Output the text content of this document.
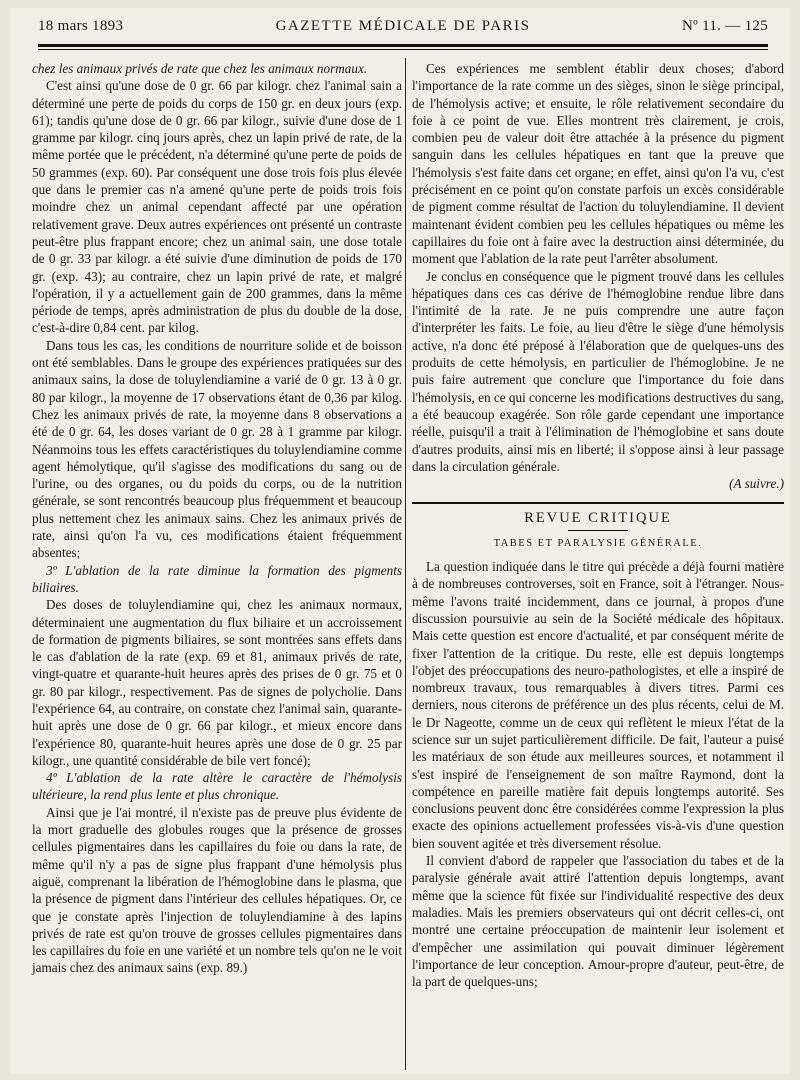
18 mars 1893	GAZETTE MÉDICALE DE PARIS	Nº 11. — 125

chez les animaux privés de rate que chez les animaux normaux.

C'est ainsi qu'une dose de 0 gr. 66 par kilogr. chez l'animal sain a déterminé une perte de poids du corps de 150 gr. en deux jours (exp. 61); tandis qu'une dose de 0 gr. 66 par kilogr., suivie d'une dose de 1 gramme par kilogr. cinq jours après, chez un lapin privé de rate, de la même portée que le précédent, n'a déterminé qu'une perte de poids de 50 grammes (exp. 60). Par conséquent une dose trois fois plus élevée que dans le premier cas n'a amené qu'une perte de poids trois fois moindre chez un animal cependant affecté par une opération relativement grave. Deux autres expériences ont présenté un contraste peut-être plus frappant encore; chez un animal sain, une dose totale de 0 gr. 33 par kilogr. a été suivie d'une diminution de poids de 170 gr. (exp. 43); au contraire, chez un lapin privé de rate, et malgré l'opération, il y a actuellement gain de 200 grammes, dans la même période de temps, après administration de plus du double de la dose, c'est-à-dire 0,84 cent. par kilog.

Dans tous les cas, les conditions de nourriture solide et de boisson ont été semblables. Dans le groupe des expériences pratiquées sur des animaux sains, la dose de toluylendiamine a varié de 0 gr. 13 à 0 gr. 80 par kilogr., la moyenne de 17 observations étant de 0,36 par kilog. Chez les animaux privés de rate, la moyenne dans 8 observations a été de 0 gr. 64, les doses variant de 0 gr. 28 à 1 gramme par kilogr. Néanmoins tous les effets caractéristiques du toluylendiamine comme agent hémolytique, qu'il s'agisse des modifications du sang ou de l'urine, ou des organes, ou du poids du corps, ou de la nutrition générale, se sont rencontrés beaucoup plus fréquemment et beaucoup plus nettement chez les animaux sains. Chez les animaux privés de rate, ainsi qu'on l'a vu, ces modifications étaient fréquemment absentes;

3º L'ablation de la rate diminue la formation des pigments biliaires.

Des doses de toluylendiamine qui, chez les animaux normaux, déterminaient une augmentation du flux biliaire et un accroissement de formation de pigments biliaires, se sont montrées sans effets dans le cas d'ablation de la rate (exp. 69 et 81, animaux privés de rate, vingt-quatre et quarante-huit heures après des prises de 0 gr. 75 et 0 gr. 80 par kilogr., respectivement. Pas de signes de polycholie. Dans l'expérience 64, au contraire, on constate chez l'animal sain, quarante-huit après une dose de 0 gr. 66 par kilogr., et mieux encore dans l'expérience 80, quarante-huit heures après une dose de 0 gr. 25 par kilogr., une quantité considérable de bile vert foncé);

4º L'ablation de la rate altère le caractère de l'hémolysis ultérieure, la rend plus lente et plus chronique.

Ainsi que je l'ai montré, il n'existe pas de preuve plus évidente de la mort graduelle des globules rouges que la présence de grosses cellules pigmentaires dans les capillaires du foie ou dans la rate, de même qu'il n'y a pas de signe plus frappant d'une hémolysis plus aiguë, comprenant la libération de l'hémoglobine dans le plasma, que la présence de pigment dans l'intérieur des cellules hépatiques. Or, ce que je constate après l'injection de toluylendiamine à des lapins privés de rate est qu'on trouve de grosses cellules pigmentaires dans les capillaires du foie en une variété et un nombre tels qu'on ne le voit jamais chez des animaux sains (exp. 89.)

Ces expériences me semblent établir deux choses; d'abord l'importance de la rate comme un des sièges, sinon le siège principal, de l'hémolysis active; et ensuite, le rôle relativement secondaire du foie à ce point de vue. Elles montrent très clairement, je crois, combien peu de valeur doit être attachée à la présence du pigment sanguin dans les cellules hépatiques en tant que la preuve que l'hémolysis s'est faite dans cet organe; en effet, ainsi qu'on l'a vu, c'est précisément en ce point qu'on constate parfois un excès considérable de pigment comme résultat de l'action du toluylendiamine. Il devient maintenant évident combien peu les cellules hépatiques ou même les capillaires du foie ont à faire avec la destruction ainsi déterminée, du moment que l'ablation de la rate peut l'arrêter absolument.

Je conclus en conséquence que le pigment trouvé dans les cellules hépatiques dans ces cas dérive de l'hémoglobine rendue libre dans l'intimité de la rate. Je ne puis comprendre une autre façon d'interpréter les faits. Le foie, au lieu d'être le siège d'une hémolysis active, n'a donc été préposé à l'élaboration que de quelques-uns des produits de cette hémolysis, en particulier de l'hémoglobine. Je ne puis faire autrement que conclure que l'importance du foie dans l'hémolysis, en ce qui concerne les modifications destructives du sang, a été beaucoup exagérée. Son rôle garde cependant une importance réelle, puisqu'il a trait à l'élimination de l'hémoglobine et sans doute d'autres produits, ainsi mis en liberté; il s'oppose ainsi à leur passage dans la circulation générale.

(A suivre.)

REVUE CRITIQUE
TABES ET PARALYSIE GÉNÉRALE.

La question indiquée dans le titre qui précède a déjà fourni matière à de nombreuses controverses, soit en France, soit à l'étranger. Nous-même l'avons traité incidemment, dans ce journal, à propos d'une discussion poursuivie au sein de la Société médicale des hôpitaux. Mais cette question est encore d'actualité, et par conséquent mérite de fixer l'attention de la critique. Du reste, elle est depuis longtemps l'objet des préoccupations des neuro-pathologistes, et elle a inspiré de nombreux travaux, tous remarquables à divers titres. Parmi ces derniers, nous citerons de préférence un des plus récents, celui de M. le Dr Nageotte, comme un de ceux qui reflètent le mieux l'état de la science sur un sujet particulièrement difficile. De fait, l'auteur a puisé les matériaux de son étude aux meilleures sources, et notamment il s'est inspiré de l'enseignement de son maître Raymond, dont la compétence en pareille matière fait depuis longtemps autorité. Ses conclusions peuvent donc être considérées comme l'expression la plus exacte des opinions actuellement professées vis-à-vis d'une question bien souvent agitée et très diversement résolue.

Il convient d'abord de rappeler que l'association du tabes et de la paralysie générale avait attiré l'attention depuis longtemps, avant même que la science fût fixée sur l'individualité respective des deux maladies. Mais les premiers observateurs qui ont décrit celles-ci, ont montré une certaine préoccupation de maintenir leur isolement et d'empêcher une assimilation qui pouvait diminuer légèrement l'importance de leur conception. Amour-propre d'auteur, peut-être, de la part de quelques-uns;
